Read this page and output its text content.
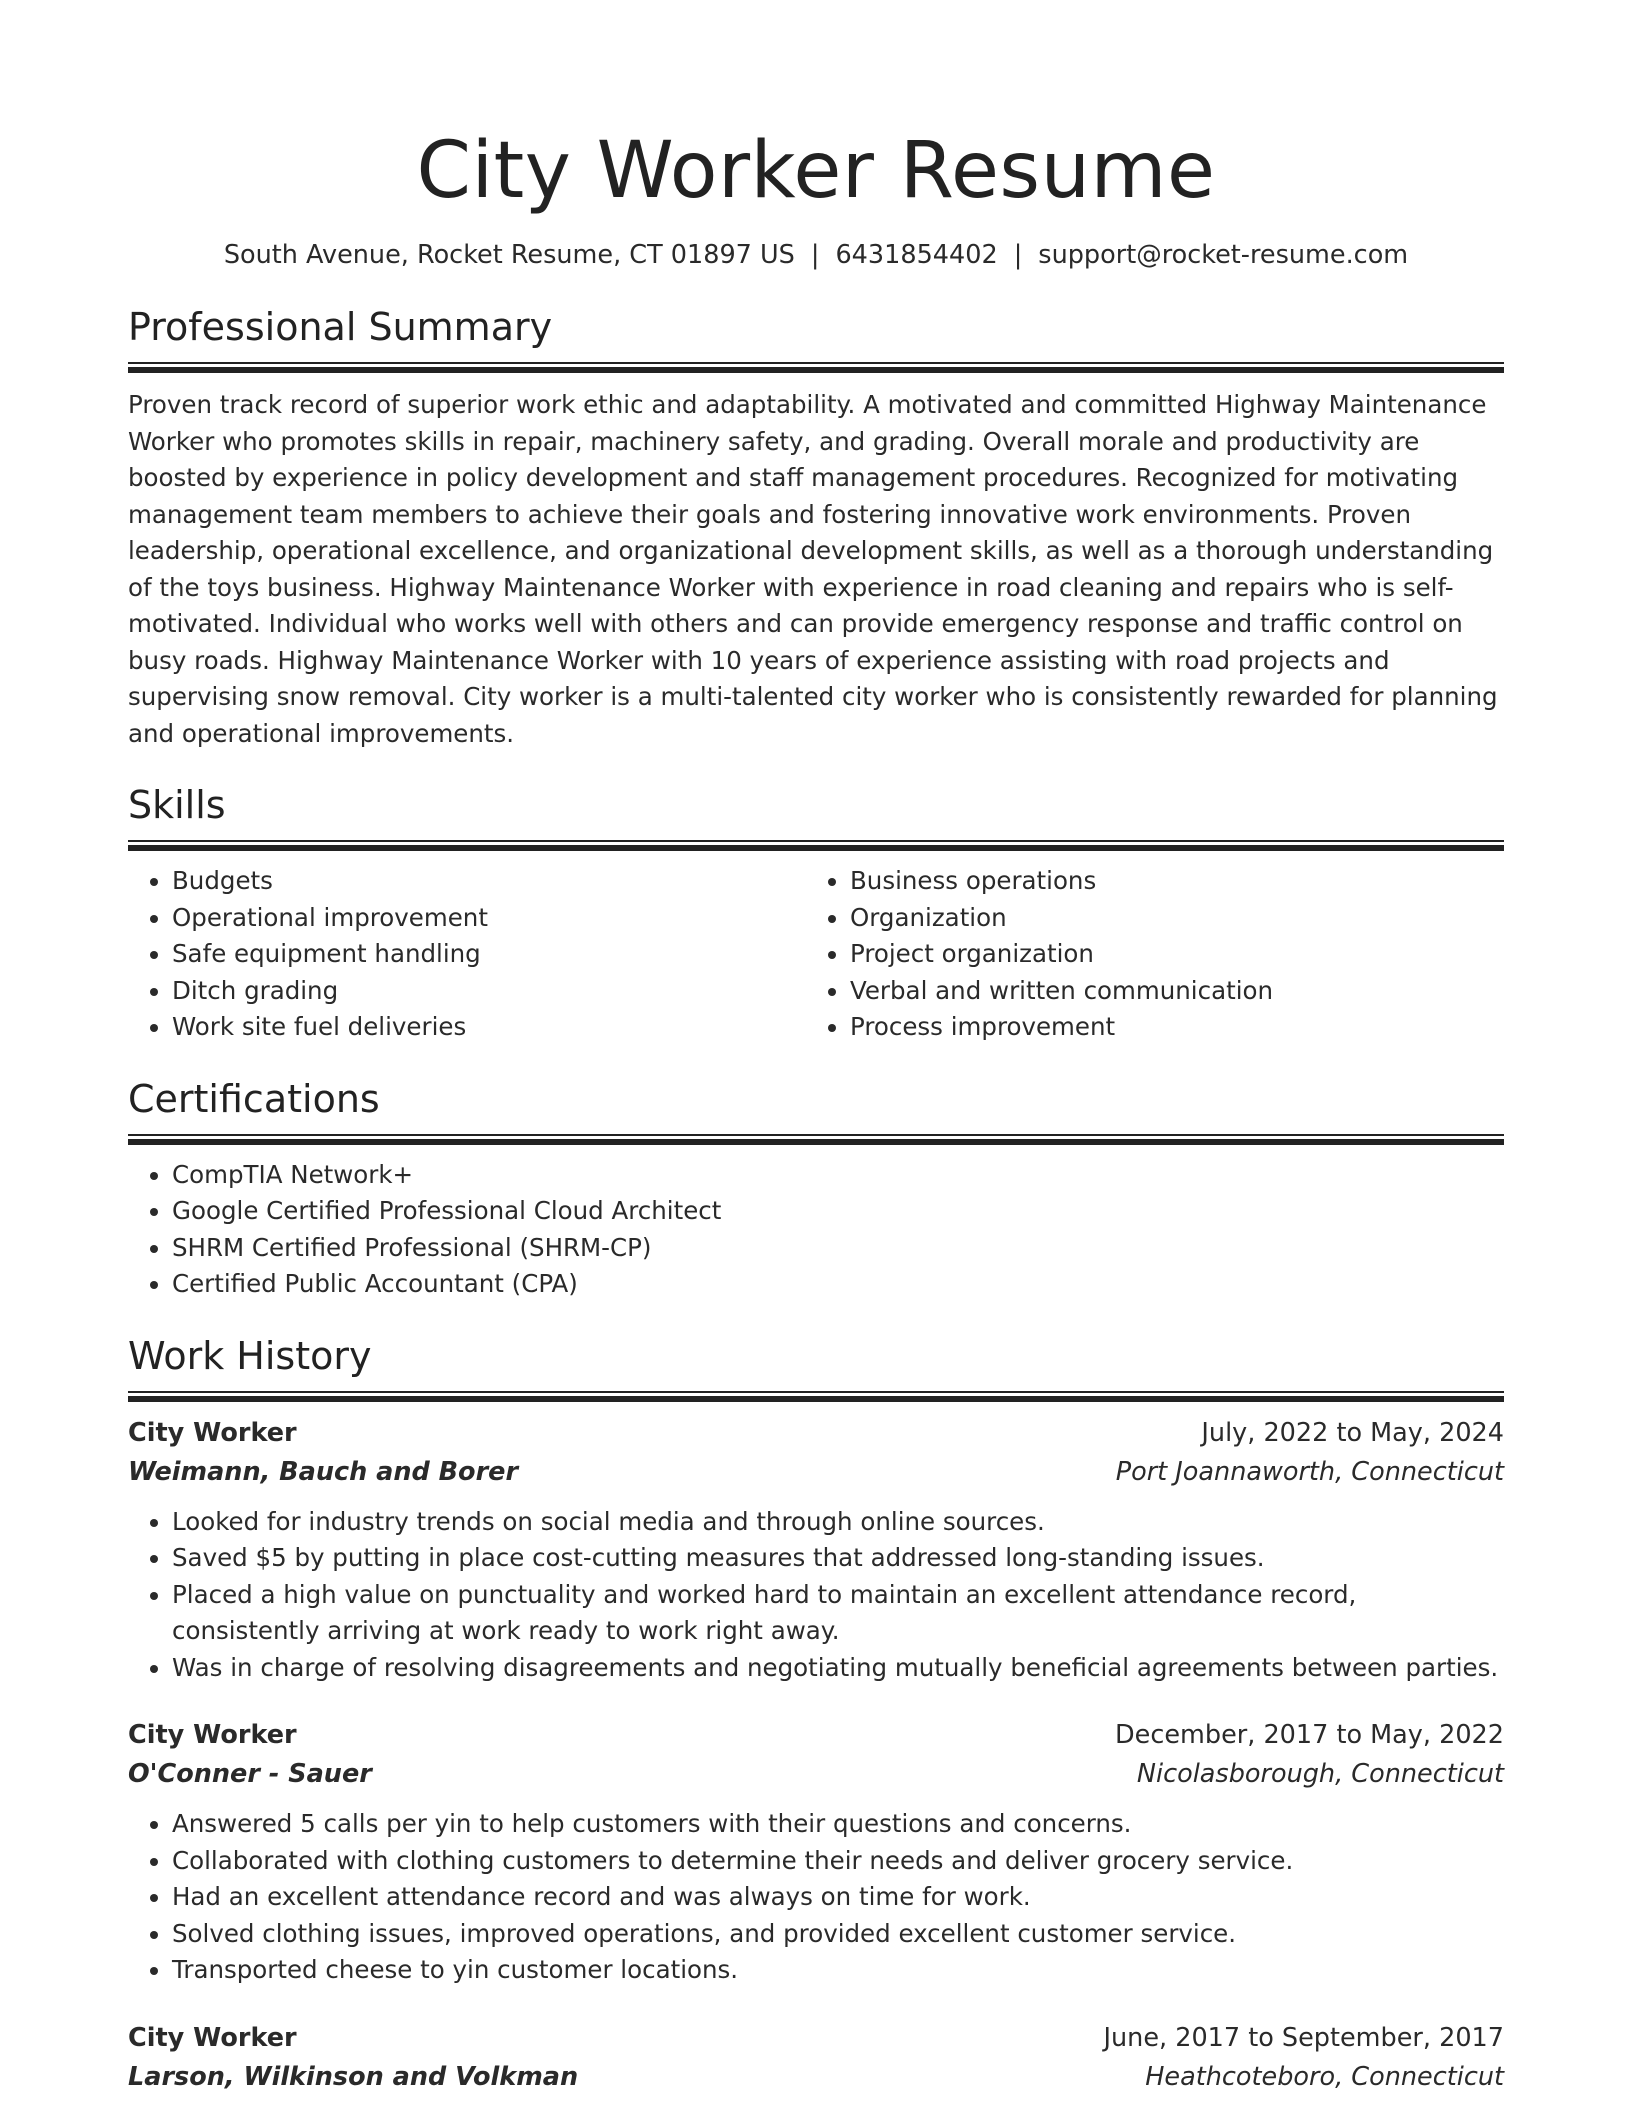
City Worker Resume
South Avenue, Rocket Resume, CT 01897 US | 6431854402 | support@rocket-resume.com
Professional Summary

Proven track record of superior work ethic and adaptability. A motivated and committed Highway Maintenance Worker who promotes skills in repair, machinery safety, and grading. Overall morale and productivity are boosted by experience in policy development and staff management procedures. Recognized for motivating management team members to achieve their goals and fostering innovative work environments. Proven leadership, operational excellence, and organizational development skills, as well as a thorough understanding of the toys business. Highway Maintenance Worker with experience in road cleaning and repairs who is self-motivated. Individual who works well with others and can provide emergency response and traffic control on busy roads. Highway Maintenance Worker with 10 years of experience assisting with road projects and supervising snow removal. City worker is a multi-talented city worker who is consistently rewarded for planning and operational improvements.

Skills
• Budgets
• Operational improvement
• Safe equipment handling
• Ditch grading
• Work site fuel deliveries
• Business operations
• Organization
• Project organization
• Verbal and written communication
• Process improvement
Certifications
• CompTIA Network+
• Google Certified Professional Cloud Architect
• SHRM Certified Professional (SHRM-CP)
• Certified Public Accountant (CPA)
Work History
City Worker	July, 2022 to May, 2024
Weimann, Bauch and Borer	Port Joannaworth, Connecticut
• Looked for industry trends on social media and through online sources.
• Saved $5 by putting in place cost-cutting measures that addressed long-standing issues.
• Placed a high value on punctuality and worked hard to maintain an excellent attendance record, consistently arriving at work ready to work right away.
• Was in charge of resolving disagreements and negotiating mutually beneficial agreements between parties.
City Worker	December, 2017 to May, 2022
O'Conner - Sauer	Nicolasborough, Connecticut
• Answered 5 calls per yin to help customers with their questions and concerns.
• Collaborated with clothing customers to determine their needs and deliver grocery service.
• Had an excellent attendance record and was always on time for work.
• Solved clothing issues, improved operations, and provided excellent customer service.
• Transported cheese to yin customer locations.
City Worker	June, 2017 to September, 2017
Larson, Wilkinson and Volkman	Heathcoteboro, Connecticut
